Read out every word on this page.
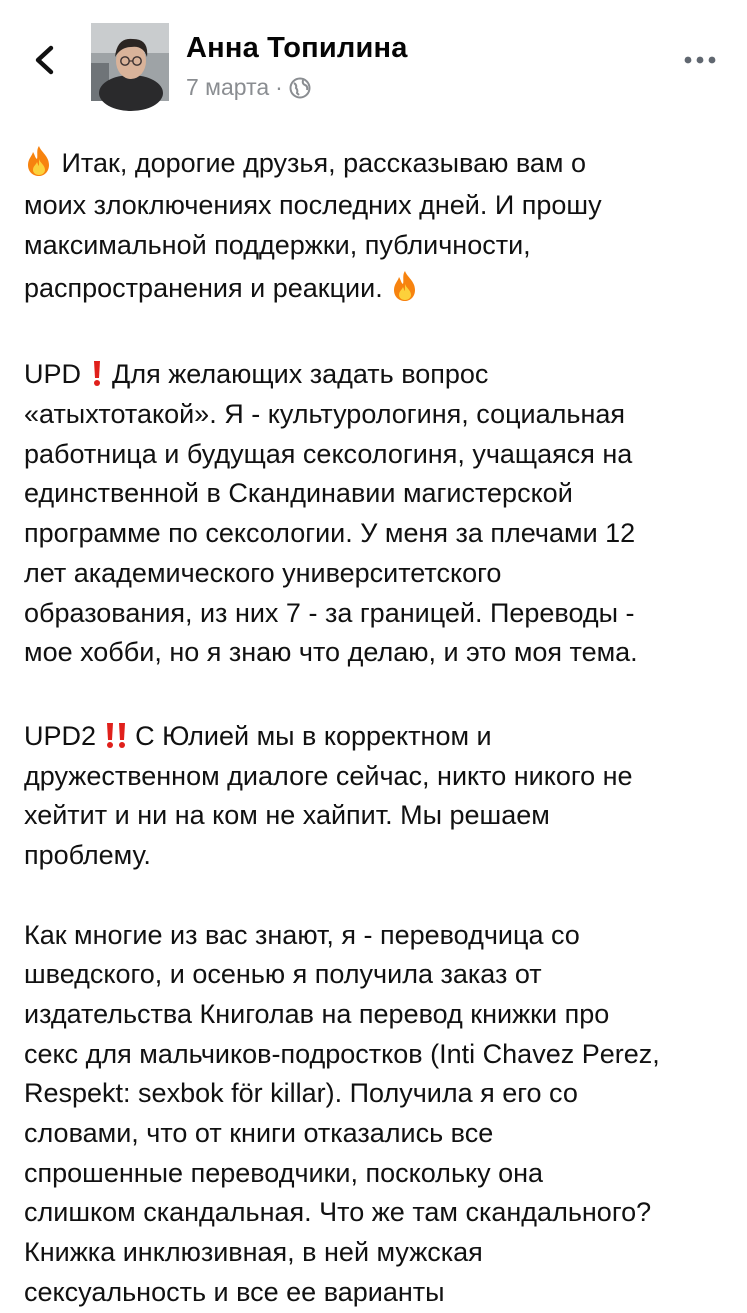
Анна Топилина
7 марта ·
Итак, дорогие друзья, рассказываю вам о
моих злоключениях последних дней. И прошу
максимальной поддержки, публичности,
распространения и реакции.
UPD Для желающих задать вопрос
«атыхтотакой». Я - культурологиня, социальная
работница и будущая сексологиня, учащаяся на
единственной в Скандинавии магистерской
программе по сексологии. У меня за плечами 12
лет академического университетского
образования, из них 7 - за границей. Переводы -
мое хобби, но я знаю что делаю, и это моя тема.
UPD2 С Юлией мы в корректном и
дружественном диалоге сейчас, никто никого не
хейтит и ни на ком не хайпит. Мы решаем
проблему.
Как многие из вас знают, я - переводчица со
шведского, и осенью я получила заказ от
издательства Книголав на перевод книжки про
секс для мальчиков-подростков (Inti Chavez Perez,
Respekt: sexbok för killar). Получила я его со
словами, что от книги отказались все
спрошенные переводчики, поскольку она
слишком скандальная. Что же там скандального?
Книжка инклюзивная, в ней мужская
сексуальность и все ее варианты
